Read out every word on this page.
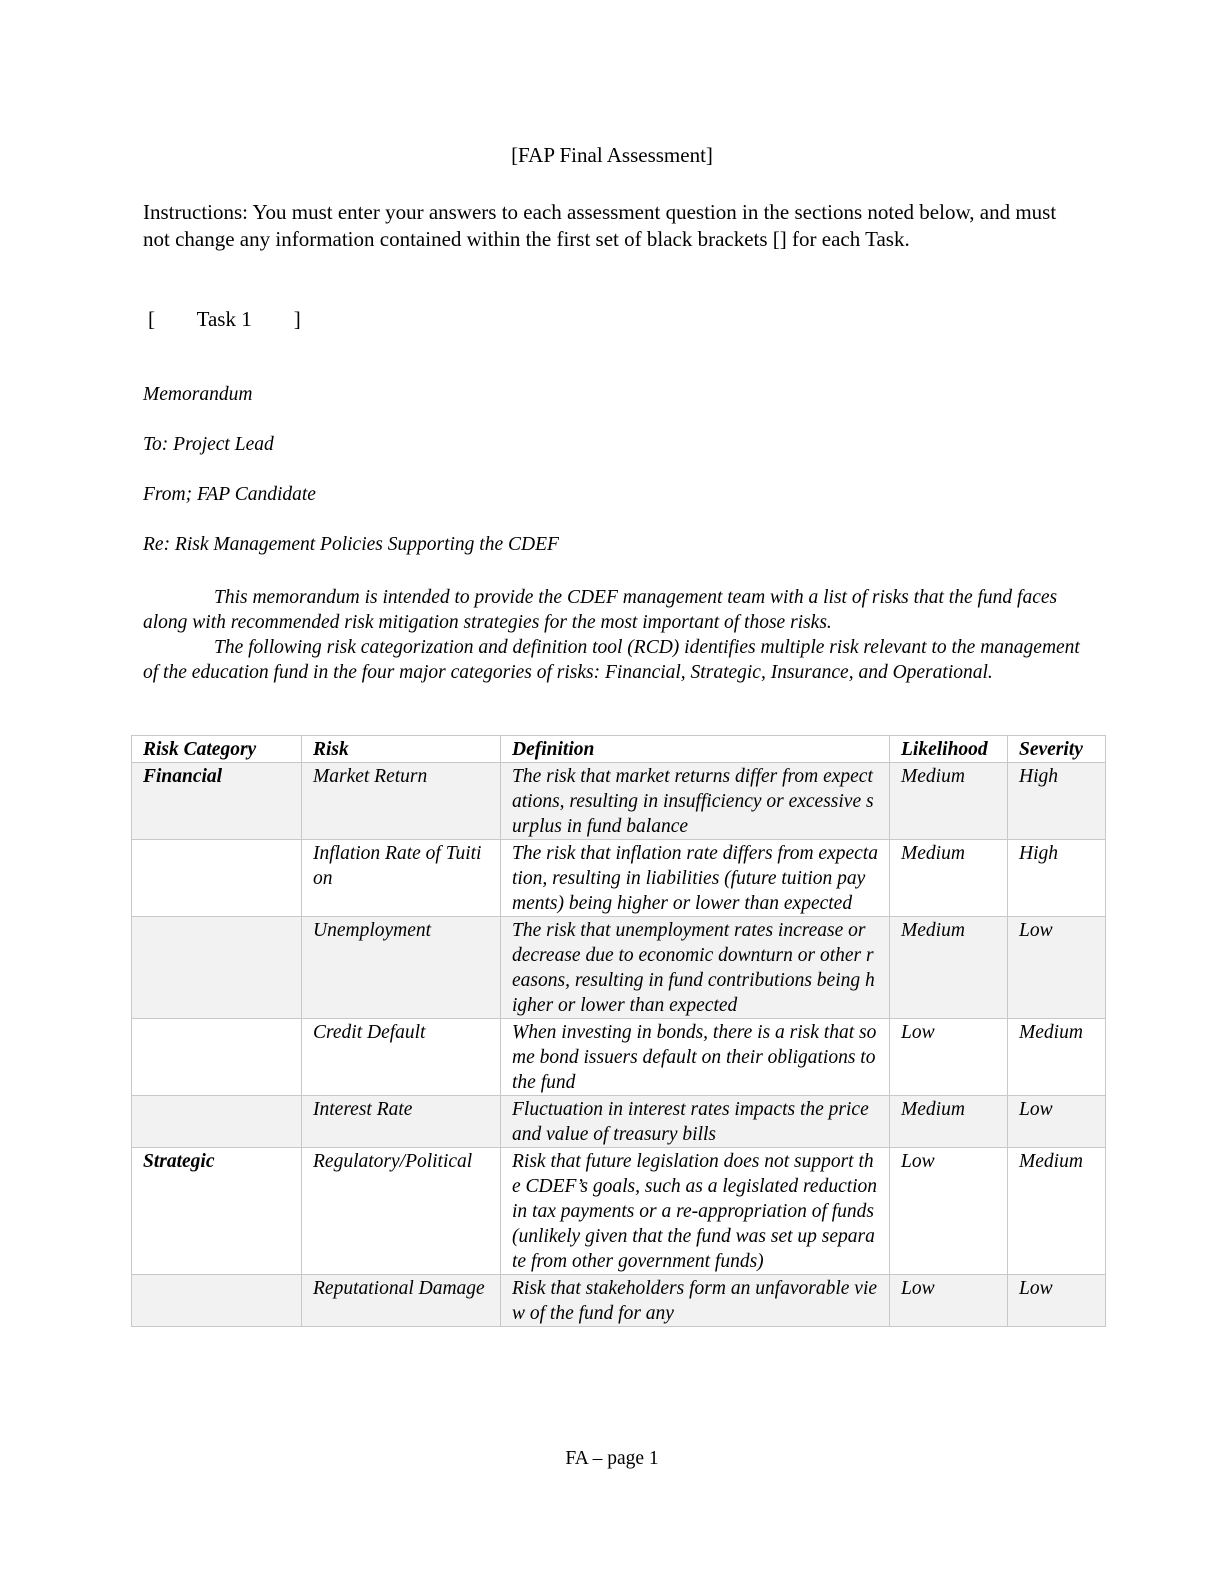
[FAP Final Assessment]

Instructions: You must enter your answers to each assessment question in the sections noted below, and must not change any information contained within the first set of black brackets [] for each Task.

[ Task 1 ]

Memorandum

To: Project Lead

From; FAP Candidate

Re: Risk Management Policies Supporting the CDEF

This memorandum is intended to provide the CDEF management team with a list of risks that the fund faces along with recommended risk mitigation strategies for the most important of those risks.

The following risk categorization and definition tool (RCD) identifies multiple risk relevant to the management of the education fund in the four major categories of risks: Financial, Strategic, Insurance, and Operational.

Risk Category	Risk	Definition	Likelihood	Severity
Financial	Market Return	The risk that market returns differ from expectations, resulting in insufficiency or excessive surplus in fund balance	Medium	High
	Inflation Rate of Tuition	The risk that inflation rate differs from expectation, resulting in liabilities (future tuition payments) being higher or lower than expected	Medium	High
	Unemployment	The risk that unemployment rates increase or decrease due to economic downturn or other reasons, resulting in fund contributions being higher or lower than expected	Medium	Low
	Credit Default	When investing in bonds, there is a risk that some bond issuers default on their obligations to the fund	Low	Medium
	Interest Rate	Fluctuation in interest rates impacts the price and value of treasury bills	Medium	Low
Strategic	Regulatory/Political	Risk that future legislation does not support the CDEF’s goals, such as a legislated reduction in tax payments or a re-appropriation of funds (unlikely given that the fund was set up separate from other government funds)	Low	Medium
	Reputational Damage	Risk that stakeholders form an unfavorable view of the fund for any	Low	Low
FA – page 1
